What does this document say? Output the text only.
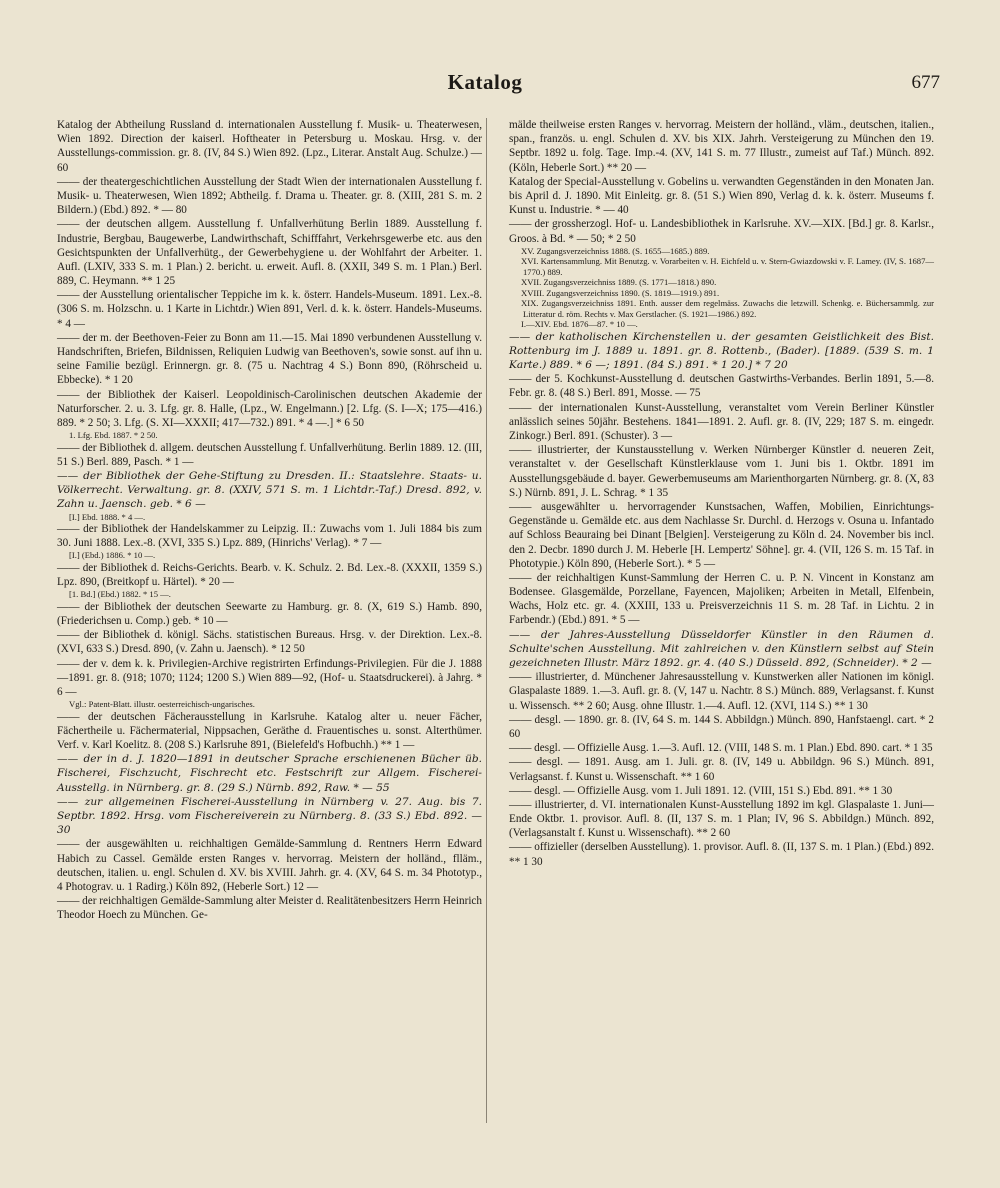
Katalog	677

Katalog der Abtheilung Russland d. internationalen Ausstellung f. Musik- u. Theaterwesen, Wien 1892. Direction der kaiserl. Hoftheater in Petersburg u. Moskau. Hrsg. v. der Ausstellungs-commission. gr. 8. (IV, 84 S.) Wien 892. (Lpz., Literar. Anstalt Aug. Schulze.) — 60

—— der theatergeschichtlichen Ausstellung der Stadt Wien der internationalen Ausstellung f. Musik- u. Theaterwesen, Wien 1892; Abtheilg. f. Drama u. Theater. gr. 8. (XIII, 281 S. m. 2 Bildern.) (Ebd.) 892. * — 80

—— der deutschen allgem. Ausstellung f. Unfallverhütung Berlin 1889. Ausstellung f. Industrie, Bergbau, Baugewerbe, Landwirthschaft, Schifffahrt, Verkehrsgewerbe etc. aus den Gesichtspunkten der Unfallverhütg., der Gewerbehygiene u. der Wohlfahrt der Arbeiter. 1. Aufl. (LXIV, 333 S. m. 1 Plan.) 2. bericht. u. erweit. Aufl. 8. (XXII, 349 S. m. 1 Plan.) Berl. 889, C. Heymann. ** 1 25

—— der Ausstellung orientalischer Teppiche im k. k. österr. Handels-Museum. 1891. Lex.-8. (306 S. m. Holzschn. u. 1 Karte in Lichtdr.) Wien 891, Verl. d. k. k. österr. Handels-Museums. * 4 —

—— der m. der Beethoven-Feier zu Bonn am 11.—15. Mai 1890 verbundenen Ausstellung v. Handschriften, Briefen, Bildnissen, Reliquien Ludwig van Beethoven's, sowie sonst. auf ihn u. seine Familie bezügl. Erinnergn. gr. 8. (75 u. Nachtrag 4 S.) Bonn 890, (Röhrscheid u. Ebbecke). * 1 20

—— der Bibliothek der Kaiserl. Leopoldinisch-Carolinischen deutschen Akademie der Naturforscher. 2. u. 3. Lfg. gr. 8. Halle, (Lpz., W. Engelmann.) [2. Lfg. (S. I—X; 175—416.) 889. * 2 50; 3. Lfg. (S. XI—XXXII; 417—732.) 891. * 4 —.] * 6 50

1. Lfg. Ebd. 1887. * 2 50.

—— der Bibliothek d. allgem. deutschen Ausstellung f. Unfallverhütung. Berlin 1889. 12. (III, 51 S.) Berl. 889, Pasch. * 1 —

—— der Bibliothek der Gehe-Stiftung zu Dresden. II.: Staatslehre. Staats- u. Völkerrecht. Verwaltung. gr. 8. (XXIV, 571 S. m. 1 Lichtdr.-Taf.) Dresd. 892, v. Zahn u. Jaensch. geb. * 6 —

[I.] Ebd. 1888. * 4 —.

—— der Bibliothek der Handelskammer zu Leipzig. II.: Zuwachs vom 1. Juli 1884 bis zum 30. Juni 1888. Lex.-8. (XVI, 335 S.) Lpz. 889, (Hinrichs' Verlag). * 7 —

[I.] (Ebd.) 1886. * 10 —.

—— der Bibliothek d. Reichs-Gerichts. Bearb. v. K. Schulz. 2. Bd. Lex.-8. (XXXII, 1359 S.) Lpz. 890, (Breitkopf u. Härtel). * 20 —

[1. Bd.] (Ebd.) 1882. * 15 —.

—— der Bibliothek der deutschen Seewarte zu Hamburg. gr. 8. (X, 619 S.) Hamb. 890, (Friederichsen u. Comp.) geb. * 10 —

—— der Bibliothek d. königl. Sächs. statistischen Bureaus. Hrsg. v. der Direktion. Lex.-8. (XVI, 633 S.) Dresd. 890, (v. Zahn u. Jaensch). * 12 50

—— der v. dem k. k. Privilegien-Archive registrirten Erfindungs-Privilegien. Für die J. 1888—1891. gr. 8. (918; 1070; 1124; 1200 S.) Wien 889—92, (Hof- u. Staatsdruckerei). à Jahrg. * 6 —

Vgl.: Patent-Blatt. illustr. oesterreichisch-ungarisches.

—— der deutschen Fächerausstellung in Karlsruhe. Katalog alter u. neuer Fächer, Fächertheile u. Fächermaterial, Nippsachen, Geräthe d. Frauentisches u. sonst. Alterthümer. Verf. v. Karl Koelitz. 8. (208 S.) Karlsruhe 891, (Bielefeld's Hofbuchh.) ** 1 —

—— der in d. J. 1820—1891 in deutscher Sprache erschienenen Bücher üb. Fischerei, Fischzucht, Fischrecht etc. Festschrift zur Allgem. Fischerei-Ausstellg. in Nürnberg. gr. 8. (29 S.) Nürnb. 892, Raw. * — 55

—— zur allgemeinen Fischerei-Ausstellung in Nürnberg v. 27. Aug. bis 7. Septbr. 1892. Hrsg. vom Fischereiverein zu Nürnberg. 8. (33 S.) Ebd. 892. — 30

—— der ausgewählten u. reichhaltigen Gemälde-Sammlung d. Rentners Herrn Edward Habich zu Cassel. Gemälde ersten Ranges v. hervorrag. Meistern der holländ., flläm., deutschen, italien. u. engl. Schulen d. XV. bis XVIII. Jahrh. gr. 4. (XV, 64 S. m. 34 Phototyp., 4 Photograv. u. 1 Radirg.) Köln 892, (Heberle Sort.) 12 —

—— der reichhaltigen Gemälde-Sammlung alter Meister d. Realitätenbesitzers Herrn Heinrich Theodor Hoech zu München. Ge-

mälde theilweise ersten Ranges v. hervorrag. Meistern der holländ., vläm., deutschen, italien., span., französ. u. engl. Schulen d. XV. bis XIX. Jahrh. Versteigerung zu München den 19. Septbr. 1892 u. folg. Tage. Imp.-4. (XV, 141 S. m. 77 Illustr., zumeist auf Taf.) Münch. 892. (Köln, Heberle Sort.) ** 20 —

Katalog der Special-Ausstellung v. Gobelins u. verwandten Gegenständen in den Monaten Jan. bis April d. J. 1890. Mit Einleitg. gr. 8. (51 S.) Wien 890, Verlag d. k. k. österr. Museums f. Kunst u. Industrie. * — 40

—— der grossherzogl. Hof- u. Landesbibliothek in Karlsruhe. XV.—XIX. [Bd.] gr. 8. Karlsr., Groos. à Bd. * — 50; * 2 50

XV. Zugangsverzeichniss 1888. (S. 1655—1685.) 889.

XVI. Kartensammlung. Mit Benutzg. v. Vorarbeiten v. H. Eichfeld u. v. Stern-Gwiazdowski v. F. Lamey. (IV, S. 1687—1770.) 889.

XVII. Zugangsverzeichniss 1889. (S. 1771—1818.) 890.

XVIII. Zugangsverzeichniss 1890. (S. 1819—1919.) 891.

XIX. Zugangsverzeichniss 1891. Enth. ausser dem regelmäss. Zuwachs die letzwill. Schenkg. e. Büchersammlg. zur Litteratur d. röm. Rechts v. Max Gerstlacher. (S. 1921—1986.) 892.

I.—XIV. Ebd. 1876—87. * 10 —.

—— der katholischen Kirchenstellen u. der gesamten Geistlichkeit des Bist. Rottenburg im J. 1889 u. 1891. gr. 8. Rottenb., (Bader). [1889. (539 S. m. 1 Karte.) 889. * 6 —; 1891. (84 S.) 891. * 1 20.] * 7 20

—— der 5. Kochkunst-Ausstellung d. deutschen Gastwirths-Verbandes. Berlin 1891, 5.—8. Febr. gr. 8. (48 S.) Berl. 891, Mosse. — 75

—— der internationalen Kunst-Ausstellung, veranstaltet vom Verein Berliner Künstler anlässlich seines 50jähr. Bestehens. 1841—1891. 2. Aufl. gr. 8. (IV, 229; 187 S. m. eingedr. Zinkogr.) Berl. 891. (Schuster). 3 —

—— illustrierter, der Kunstausstellung v. Werken Nürnberger Künstler d. neueren Zeit, veranstaltet v. der Gesellschaft Künstlerklause vom 1. Juni bis 1. Oktbr. 1891 im Ausstellungsgebäude d. bayer. Gewerbemuseums am Marienthorgarten Nürnberg. gr. 8. (X, 83 S.) Nürnb. 891, J. L. Schrag. * 1 35

—— ausgewählter u. hervorragender Kunstsachen, Waffen, Mobilien, Einrichtungs-Gegenstände u. Gemälde etc. aus dem Nachlasse Sr. Durchl. d. Herzogs v. Osuna u. Infantado auf Schloss Beauraing bei Dinant [Belgien]. Versteigerung zu Köln d. 24. November bis incl. den 2. Decbr. 1890 durch J. M. Heberle [H. Lempertz' Söhne]. gr. 4. (VII, 126 S. m. 15 Taf. in Phototypie.) Köln 890, (Heberle Sort.). * 5 —

—— der reichhaltigen Kunst-Sammlung der Herren C. u. P. N. Vincent in Konstanz am Bodensee. Glasgemälde, Porzellane, Fayencen, Majoliken; Arbeiten in Metall, Elfenbein, Wachs, Holz etc. gr. 4. (XXIII, 133 u. Preisverzeichnis 11 S. m. 28 Taf. in Lichtu. 2 in Farbendr.) (Ebd.) 891. * 5 —

—— der Jahres-Ausstellung Düsseldorfer Künstler in den Räumen d. Schulte'schen Ausstellung. Mit zahlreichen v. den Künstlern selbst auf Stein gezeichneten Illustr. März 1892. gr. 4. (40 S.) Düsseld. 892, (Schneider). * 2 —

—— illustrierter, d. Münchener Jahresausstellung v. Kunstwerken aller Nationen im königl. Glaspalaste 1889. 1.—3. Aufl. gr. 8. (V, 147 u. Nachtr. 8 S.) Münch. 889, Verlagsanst. f. Kunst u. Wissensch. ** 2 60; Ausg. ohne Illustr. 1.—4. Aufl. 12. (XVI, 114 S.) ** 1 30

—— desgl. — 1890. gr. 8. (IV, 64 S. m. 144 S. Abbildgn.) Münch. 890, Hanfstaengl. cart. * 2 60

—— desgl. — Offizielle Ausg. 1.—3. Aufl. 12. (VIII, 148 S. m. 1 Plan.) Ebd. 890. cart. * 1 35

—— desgl. — 1891. Ausg. am 1. Juli. gr. 8. (IV, 149 u. Abbildgn. 96 S.) Münch. 891, Verlagsanst. f. Kunst u. Wissenschaft. ** 1 60

—— desgl. — Offizielle Ausg. vom 1. Juli 1891. 12. (VIII, 151 S.) Ebd. 891. ** 1 30

—— illustrierter, d. VI. internationalen Kunst-Ausstellung 1892 im kgl. Glaspalaste 1. Juni—Ende Oktbr. 1. provisor. Aufl. 8. (II, 137 S. m. 1 Plan; IV, 96 S. Abbildgn.) Münch. 892, (Verlagsanstalt f. Kunst u. Wissenschaft). ** 2 60

—— offizieller (derselben Ausstellung). 1. provisor. Aufl. 8. (II, 137 S. m. 1 Plan.) (Ebd.) 892. ** 1 30
